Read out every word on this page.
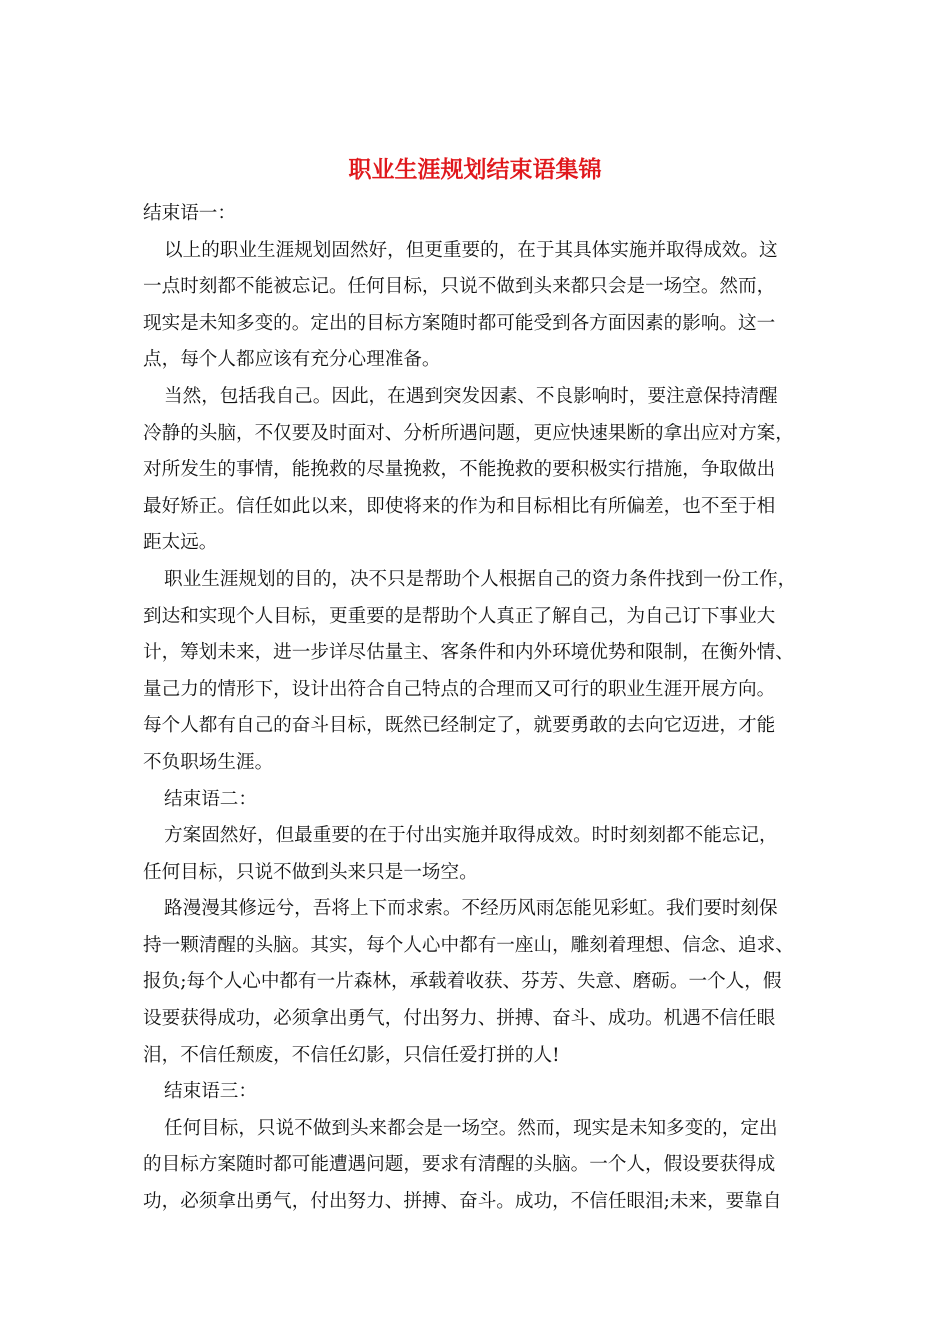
职业生涯规划结束语集锦
结束语一：
以上的职业生涯规划固然好，但更重要的，在于其具体实施并取得成效。这
一点时刻都不能被忘记。任何目标，只说不做到头来都只会是一场空。然而，
现实是未知多变的。定出的目标方案随时都可能受到各方面因素的影响。这一
点，每个人都应该有充分心理准备。
当然，包括我自己。因此，在遇到突发因素、不良影响时，要注意保持清醒
冷静的头脑，不仅要及时面对、分析所遇问题，更应快速果断的拿出应对方案，
对所发生的事情，能挽救的尽量挽救，不能挽救的要积极实行措施，争取做出
最好矫正。信任如此以来，即使将来的作为和目标相比有所偏差，也不至于相
距太远。
职业生涯规划的目的，决不只是帮助个人根据自己的资力条件找到一份工作，
到达和实现个人目标，更重要的是帮助个人真正了解自己，为自己订下事业大
计，筹划未来，进一步详尽估量主、客条件和内外环境优势和限制，在衡外情、
量己力的情形下，设计出符合自己特点的合理而又可行的职业生涯开展方向。
每个人都有自己的奋斗目标，既然已经制定了，就要勇敢的去向它迈进，才能
不负职场生涯。
结束语二：
方案固然好，但最重要的在于付出实施并取得成效。时时刻刻都不能忘记，
任何目标，只说不做到头来只是一场空。
路漫漫其修远兮，吾将上下而求索。不经历风雨怎能见彩虹。我们要时刻保
持一颗清醒的头脑。其实，每个人心中都有一座山，雕刻着理想、信念、追求、
报负;每个人心中都有一片森林，承载着收获、芬芳、失意、磨砺。一个人，假
设要获得成功，必须拿出勇气，付出努力、拼搏、奋斗、成功。机遇不信任眼
泪，不信任颓废，不信任幻影，只信任爱打拼的人!
结束语三：
任何目标，只说不做到头来都会是一场空。然而，现实是未知多变的，定出
的目标方案随时都可能遭遇问题，要求有清醒的头脑。一个人，假设要获得成
功，必须拿出勇气，付出努力、拼搏、奋斗。成功，不信任眼泪;未来，要靠自
